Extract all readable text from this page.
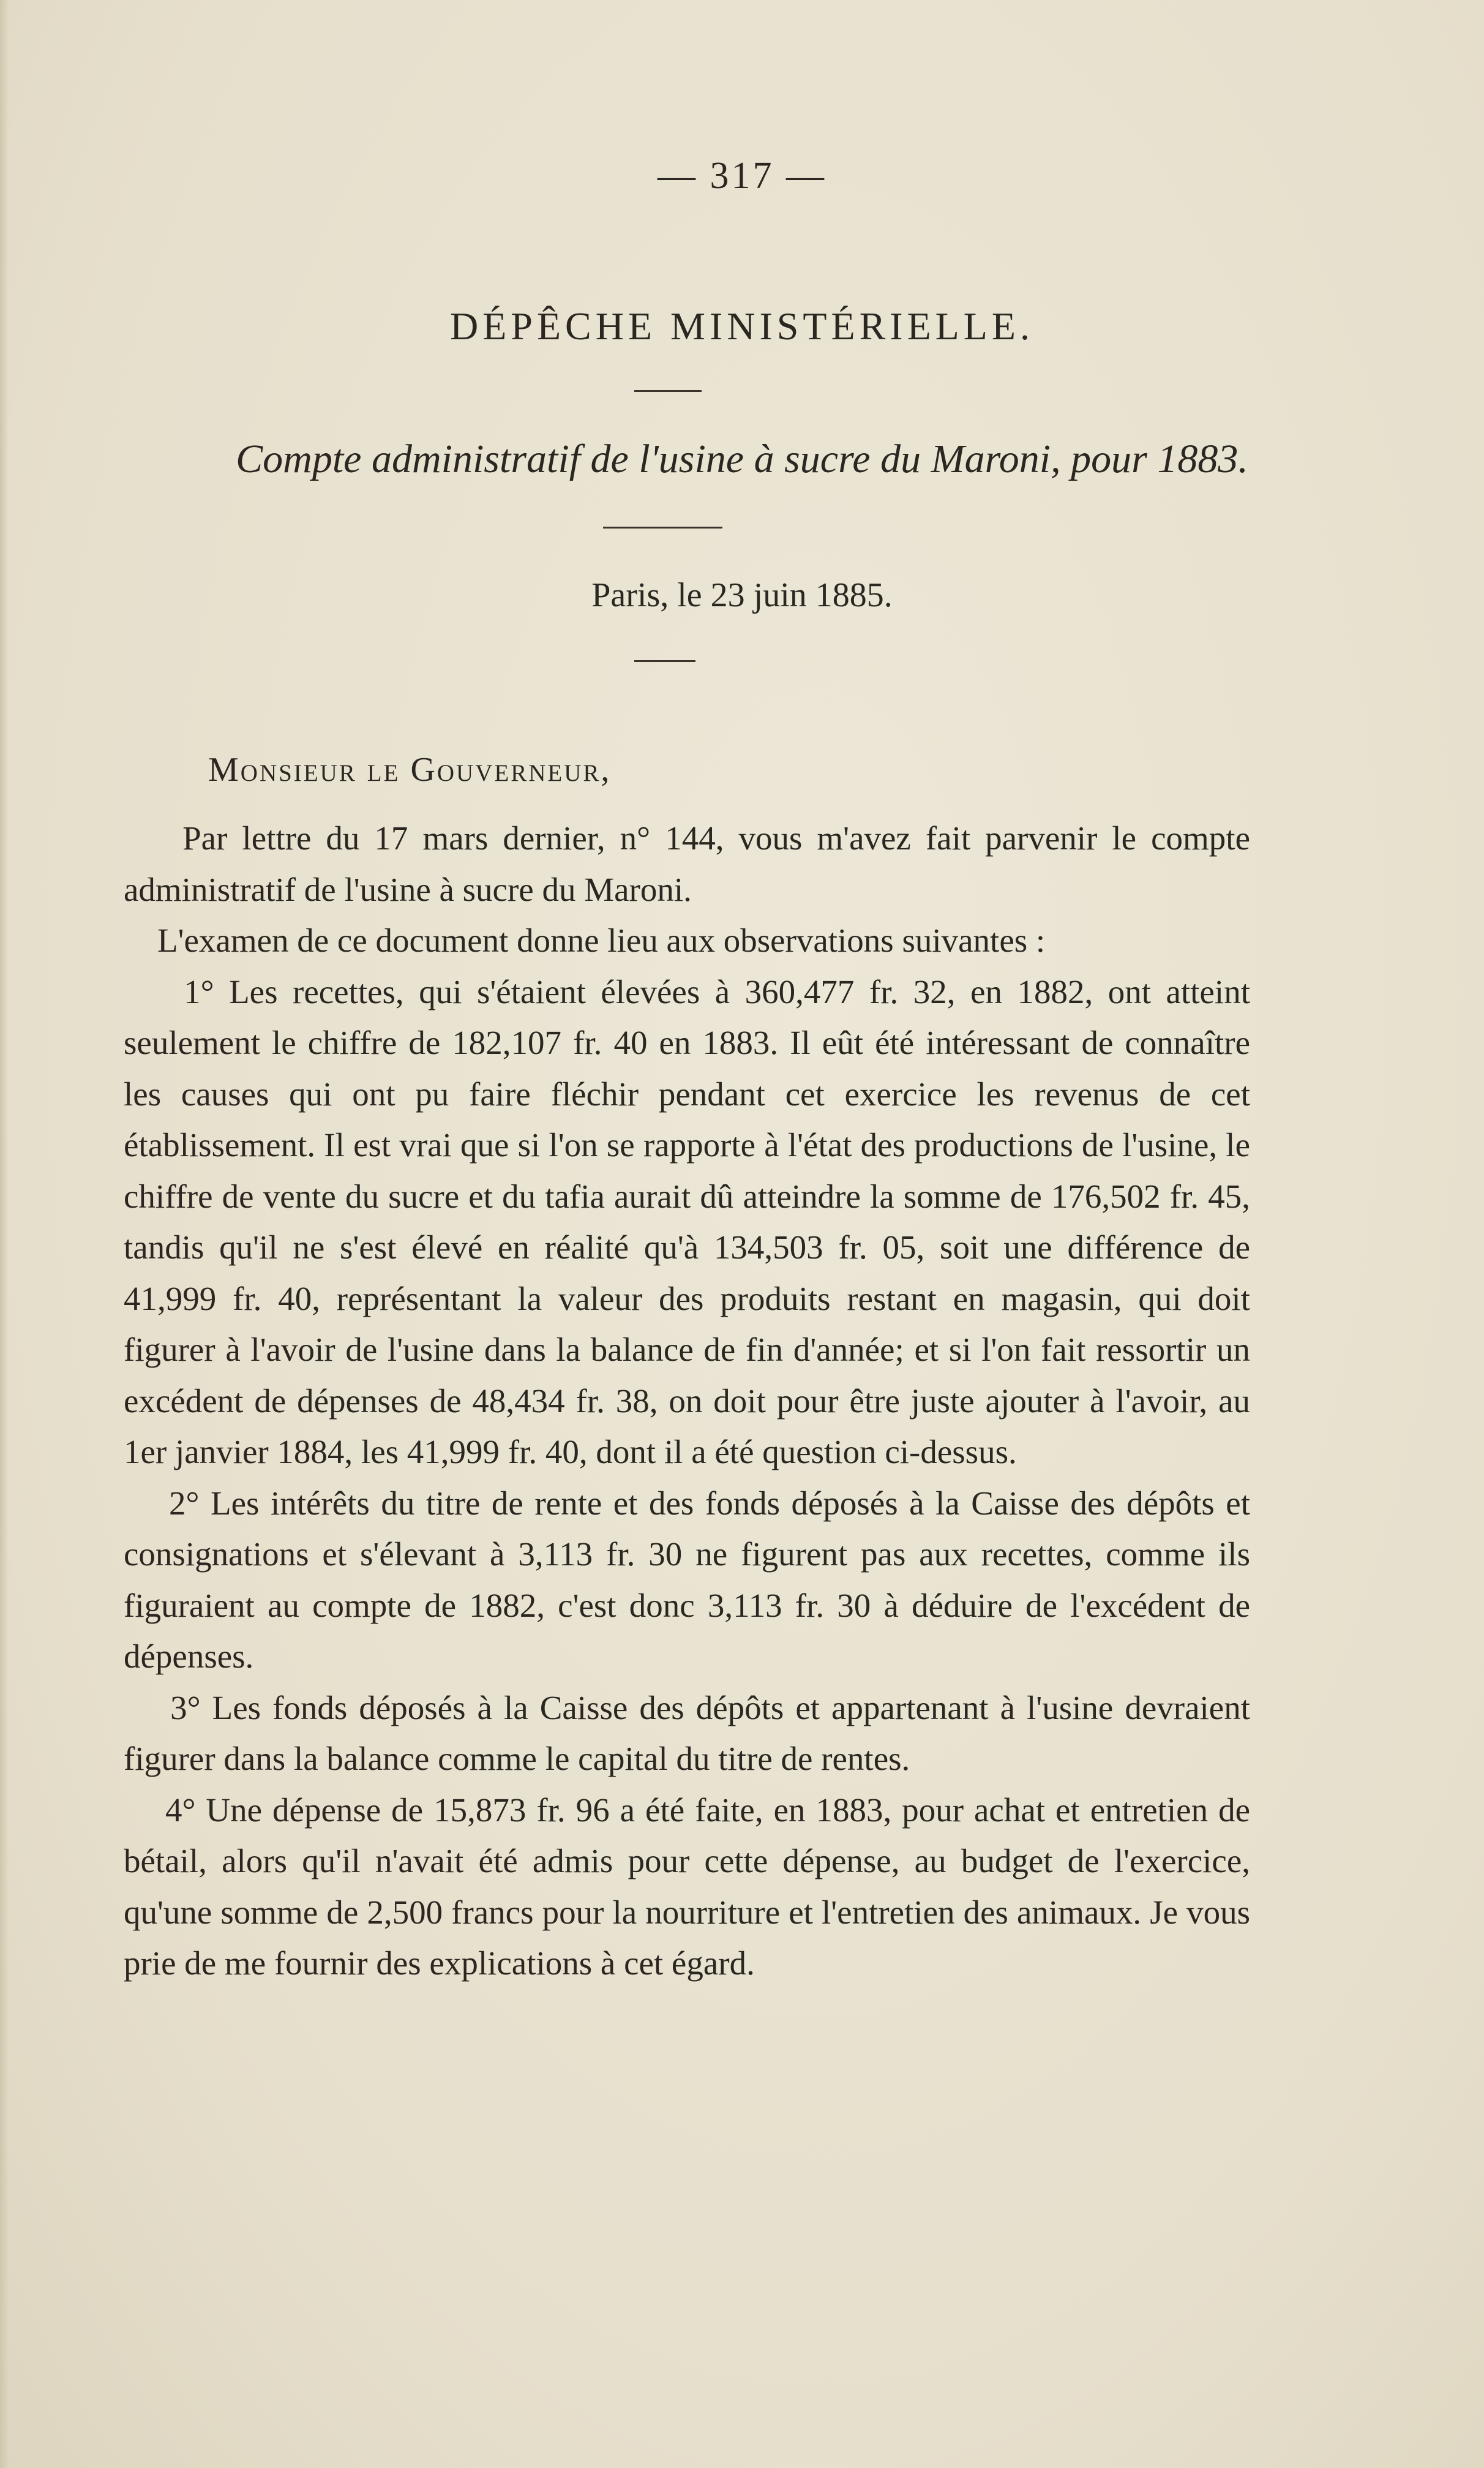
— 317 —
DÉPÊCHE MINISTÉRIELLE.
Compte administratif de l'usine à sucre du Maroni, pour 1883.
Paris, le 23 juin 1885.
Monsieur le Gouverneur,

Par lettre du 17 mars dernier, n° 144, vous m'avez fait parvenir le compte administratif de l'usine à sucre du Maroni.

L'examen de ce document donne lieu aux observations suivantes :

1° Les recettes, qui s'étaient élevées à 360,477 fr. 32, en 1882, ont atteint seulement le chiffre de 182,107 fr. 40 en 1883. Il eût été intéressant de connaître les causes qui ont pu faire fléchir pendant cet exercice les revenus de cet établissement. Il est vrai que si l'on se rapporte à l'état des productions de l'usine, le chiffre de vente du sucre et du tafia aurait dû atteindre la somme de 176,502 fr. 45, tandis qu'il ne s'est élevé en réalité qu'à 134,503 fr. 05, soit une différence de 41,999 fr. 40, représentant la valeur des produits restant en magasin, qui doit figurer à l'avoir de l'usine dans la balance de fin d'année; et si l'on fait ressortir un excédent de dépenses de 48,434 fr. 38, on doit pour être juste ajouter à l'avoir, au 1er janvier 1884, les 41,999 fr. 40, dont il a été question ci-dessus.

2° Les intérêts du titre de rente et des fonds déposés à la Caisse des dépôts et consignations et s'élevant à 3,113 fr. 30 ne figurent pas aux recettes, comme ils figuraient au compte de 1882, c'est donc 3,113 fr. 30 à déduire de l'excédent de dépenses.

3° Les fonds déposés à la Caisse des dépôts et appartenant à l'usine devraient figurer dans la balance comme le capital du titre de rentes.

4° Une dépense de 15,873 fr. 96 a été faite, en 1883, pour achat et entretien de bétail, alors qu'il n'avait été admis pour cette dépense, au budget de l'exercice, qu'une somme de 2,500 francs pour la nourriture et l'entretien des animaux. Je vous prie de me fournir des explications à cet égard.
